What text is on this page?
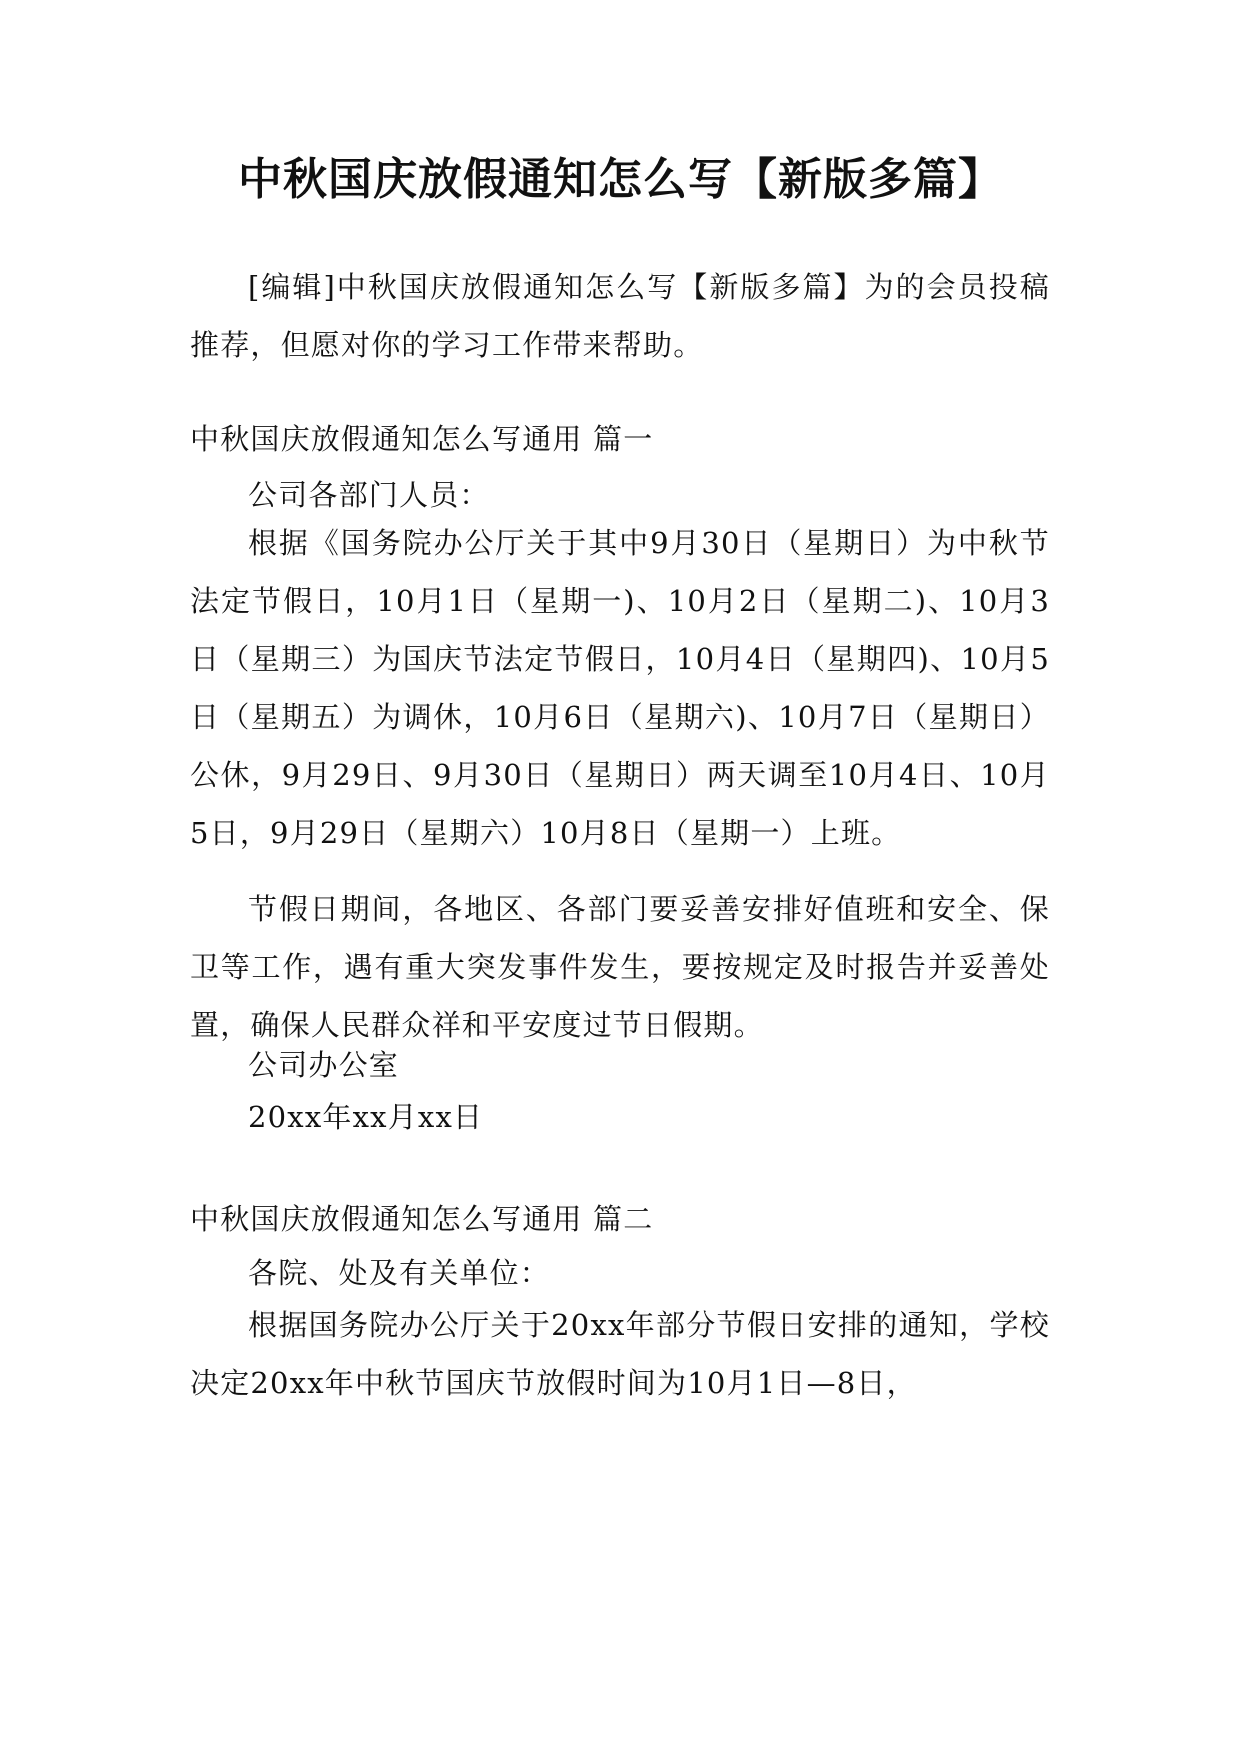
中秋国庆放假通知怎么写【新版多篇】

[编辑]中秋国庆放假通知怎么写【新版多篇】为的会员投稿推荐，但愿对你的学习工作带来帮助。

中秋国庆放假通知怎么写通用 篇一

公司各部门人员：

根据《国务院办公厅关于其中9月30日（星期日）为中秋节法定节假日，10月1日（星期一)、10月2日（星期二)、10月3日（星期三）为国庆节法定节假日，10月4日（星期四)、10月5日（星期五）为调休，10月6日（星期六)、10月7日（星期日）公休，9月29日、9月30日（星期日）两天调至10月4日、10月5日，9月29日（星期六）10月8日（星期一）上班。

节假日期间，各地区、各部门要妥善安排好值班和安全、保卫等工作，遇有重大突发事件发生，要按规定及时报告并妥善处置，确保人民群众祥和平安度过节日假期。

公司办公室

20xx年xx月xx日

中秋国庆放假通知怎么写通用 篇二

各院、处及有关单位：

根据国务院办公厅关于20xx年部分节假日安排的通知，学校决定20xx年中秋节国庆节放假时间为10月1日—8日，
